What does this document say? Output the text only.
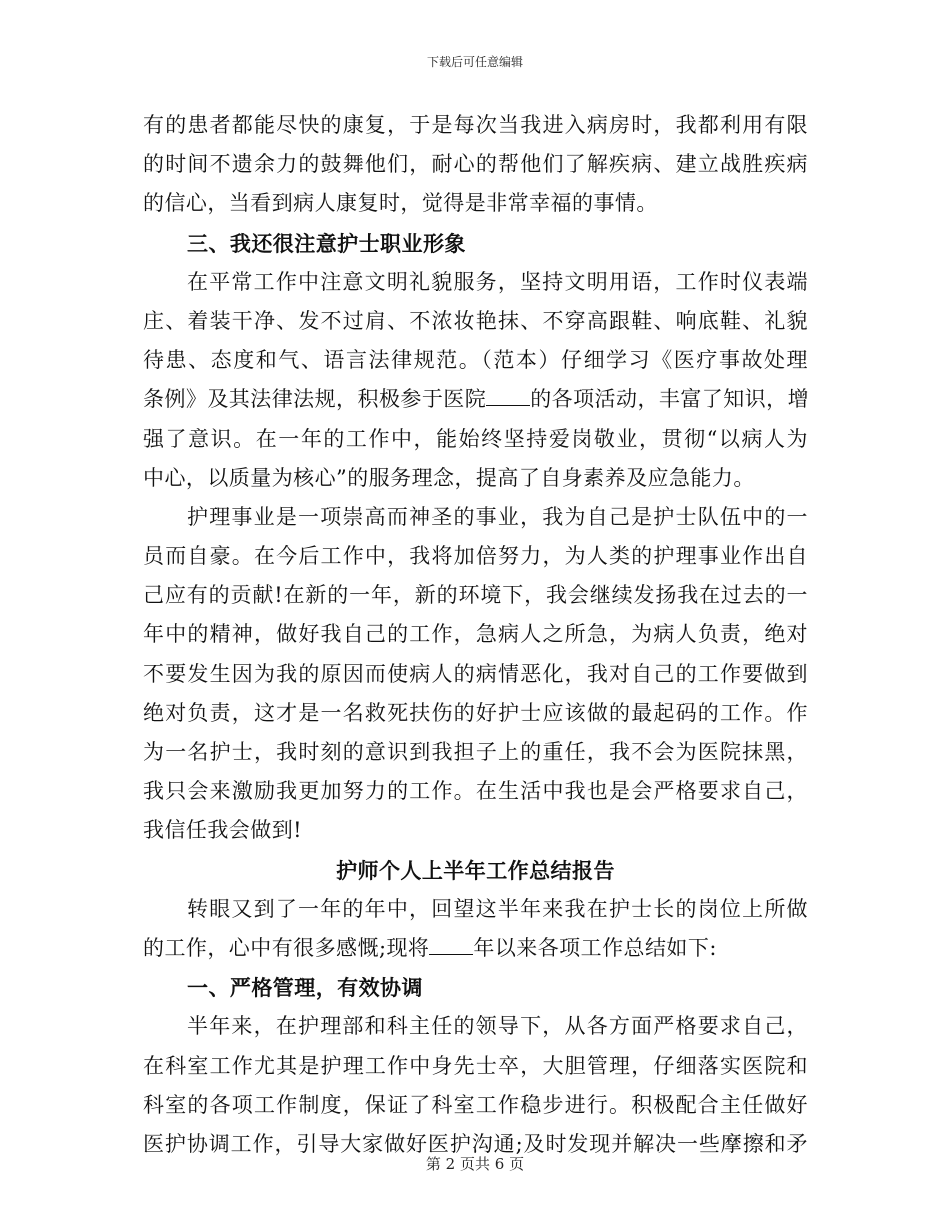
下载后可任意编辑
有的患者都能尽快的康复，于是每次当我进入病房时，我都利用有限
的时间不遗余力的鼓舞他们，耐心的帮他们了解疾病、建立战胜疾病
的信心，当看到病人康复时，觉得是非常幸福的事情。
三、我还很注意护士职业形象
在平常工作中注意文明礼貌服务，坚持文明用语，工作时仪表端
庄、着装干净、发不过肩、不浓妆艳抹、不穿高跟鞋、响底鞋、礼貌
待患、态度和气、语言法律规范。（范本）仔细学习《医疗事故处理
条例》及其法律法规，积极参于医院 的各项活动，丰富了知识，增
强了意识。在一年的工作中，能始终坚持爱岗敬业，贯彻“以病人为
中心，以质量为核心”的服务理念，提高了自身素养及应急能力。
护理事业是一项崇高而神圣的事业，我为自己是护士队伍中的一
员而自豪。在今后工作中，我将加倍努力，为人类的护理事业作出自
己应有的贡献!在新的一年，新的环境下，我会继续发扬我在过去的一
年中的精神，做好我自己的工作，急病人之所急，为病人负责，绝对
不要发生因为我的原因而使病人的病情恶化，我对自己的工作要做到
绝对负责，这才是一名救死扶伤的好护士应该做的最起码的工作。作
为一名护士，我时刻的意识到我担子上的重任，我不会为医院抹黑，
我只会来激励我更加努力的工作。在生活中我也是会严格要求自己，
我信任我会做到!
护师个人上半年工作总结报告
转眼又到了一年的年中，回望这半年来我在护士长的岗位上所做
的工作，心中有很多感慨;现将 年以来各项工作总结如下:
一、严格管理，有效协调
半年来，在护理部和科主任的领导下，从各方面严格要求自己，
在科室工作尤其是护理工作中身先士卒，大胆管理，仔细落实医院和
科室的各项工作制度，保证了科室工作稳步进行。积极配合主任做好
医护协调工作，引导大家做好医护沟通;及时发现并解决一些摩擦和矛
第 2 页共 6 页
